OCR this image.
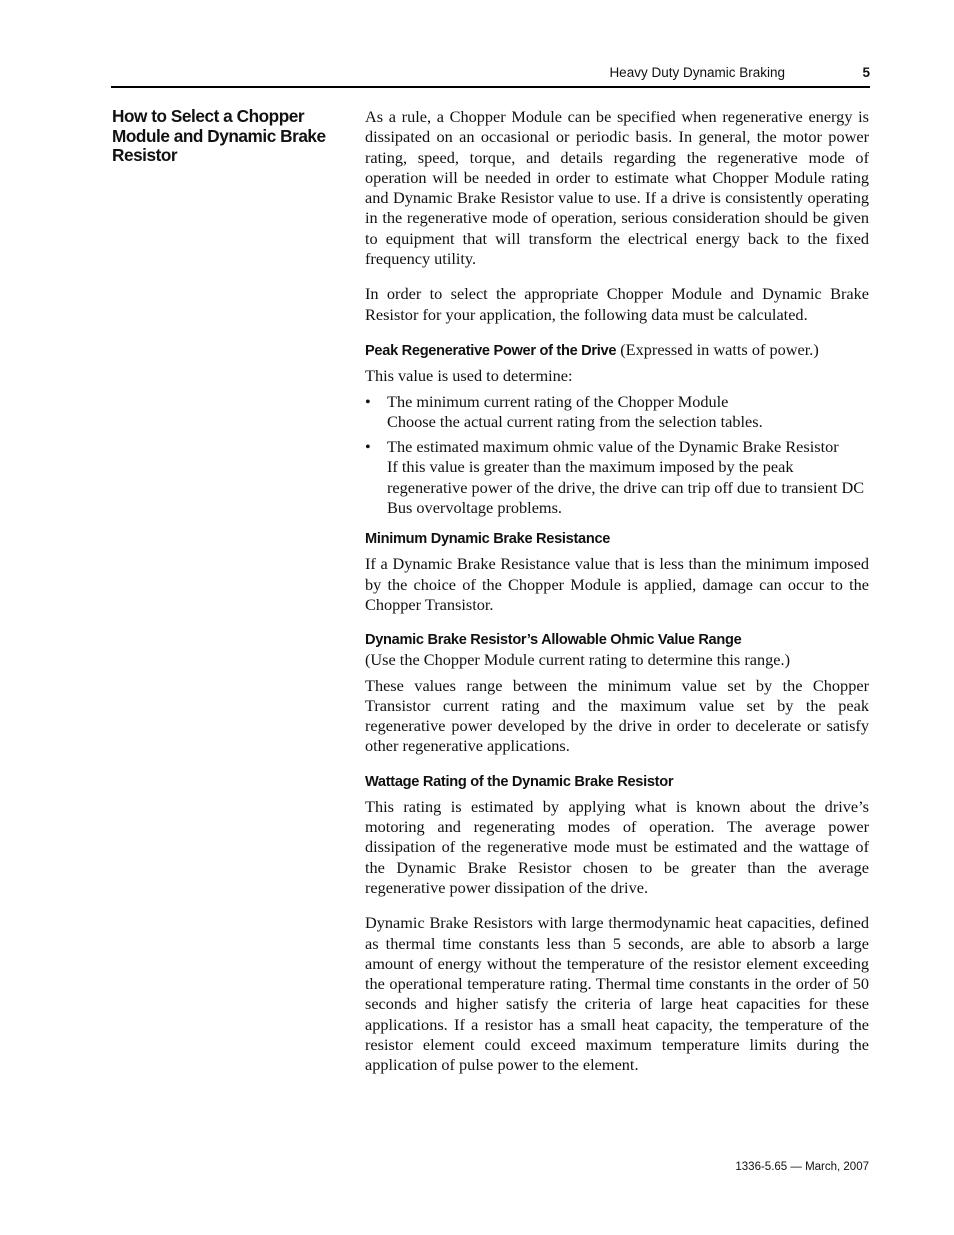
Heavy Duty Dynamic Braking	5
How to Select a Chopper Module and Dynamic Brake Resistor

As a rule, a Chopper Module can be specified when regenerative energy is dissipated on an occasional or periodic basis. In general, the motor power rating, speed, torque, and details regarding the regenerative mode of operation will be needed in order to estimate what Chopper Module rating and Dynamic Brake Resistor value to use. If a drive is consistently operating in the regenerative mode of operation, serious consideration should be given to equipment that will transform the electrical energy back to the fixed frequency utility.

In order to select the appropriate Chopper Module and Dynamic Brake Resistor for your application, the following data must be calculated.

Peak Regenerative Power of the Drive (Expressed in watts of power.)

This value is used to determine:

• The minimum current rating of the Chopper Module
Choose the actual current rating from the selection tables.
• The estimated maximum ohmic value of the Dynamic Brake Resistor
If this value is greater than the maximum imposed by the peak regenerative power of the drive, the drive can trip off due to transient DC Bus overvoltage problems.
Minimum Dynamic Brake Resistance

If a Dynamic Brake Resistance value that is less than the minimum imposed by the choice of the Chopper Module is applied, damage can occur to the Chopper Transistor.

Dynamic Brake Resistor’s Allowable Ohmic Value Range

(Use the Chopper Module current rating to determine this range.)

These values range between the minimum value set by the Chopper Transistor current rating and the maximum value set by the peak regenerative power developed by the drive in order to decelerate or satisfy other regenerative applications.

Wattage Rating of the Dynamic Brake Resistor

This rating is estimated by applying what is known about the drive’s motoring and regenerating modes of operation. The average power dissipation of the regenerative mode must be estimated and the wattage of the Dynamic Brake Resistor chosen to be greater than the average regenerative power dissipation of the drive.

Dynamic Brake Resistors with large thermodynamic heat capacities, defined as thermal time constants less than 5 seconds, are able to absorb a large amount of energy without the temperature of the resistor element exceeding the operational temperature rating. Thermal time constants in the order of 50 seconds and higher satisfy the criteria of large heat capacities for these applications. If a resistor has a small heat capacity, the temperature of the resistor element could exceed maximum temperature limits during the application of pulse power to the element.

1336-5.65 — March, 2007
